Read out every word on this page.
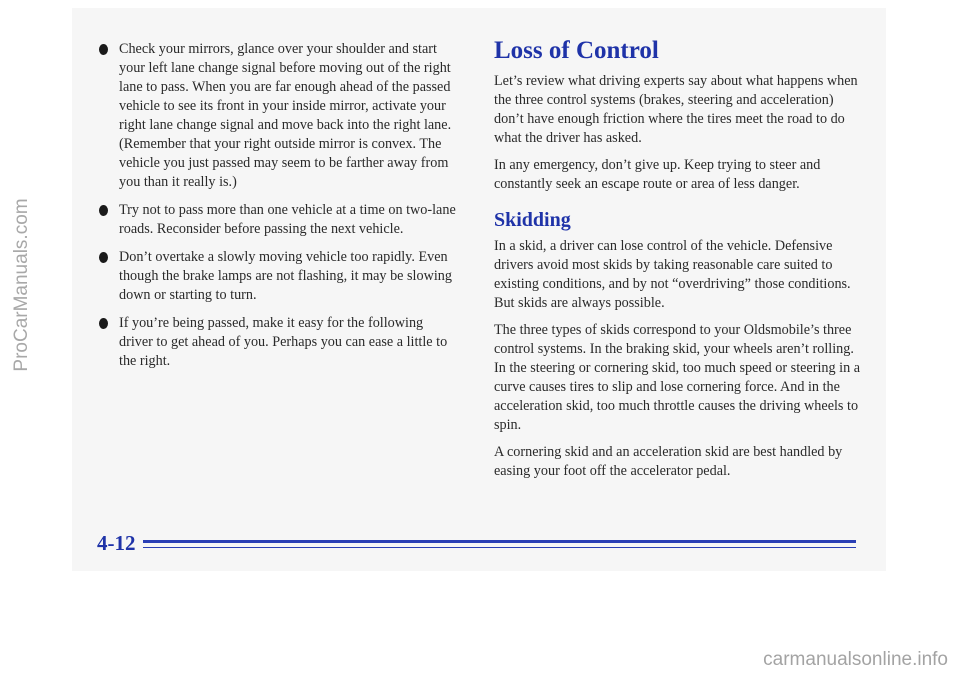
Check your mirrors, glance over your shoulder and start your left lane change signal before moving out of the right lane to pass. When you are far enough ahead of the passed vehicle to see its front in your inside mirror, activate your right lane change signal and move back into the right lane. (Remember that your right outside mirror is convex. The vehicle you just passed may seem to be farther away from you than it really is.)
Try not to pass more than one vehicle at a time on two-lane roads. Reconsider before passing the next vehicle.
Don’t overtake a slowly moving vehicle too rapidly. Even though the brake lamps are not flashing, it may be slowing down or starting to turn.
If you’re being passed, make it easy for the following driver to get ahead of you. Perhaps you can ease a little to the right.
Loss of Control

Let’s review what driving experts say about what happens when the three control systems (brakes, steering and acceleration) don’t have enough friction where the tires meet the road to do what the driver has asked.

In any emergency, don’t give up. Keep trying to steer and constantly seek an escape route or area of less danger.

Skidding

In a skid, a driver can lose control of the vehicle. Defensive drivers avoid most skids by taking reasonable care suited to existing conditions, and by not “overdriving” those conditions. But skids are always possible.

The three types of skids correspond to your Oldsmobile’s three control systems. In the braking skid, your wheels aren’t rolling. In the steering or cornering skid, too much speed or steering in a curve causes tires to slip and lose cornering force. And in the acceleration skid, too much throttle causes the driving wheels to spin.

A cornering skid and an acceleration skid are best handled by easing your foot off the accelerator pedal.

4-12
ProCarManuals.com
carmanualsonline.info
